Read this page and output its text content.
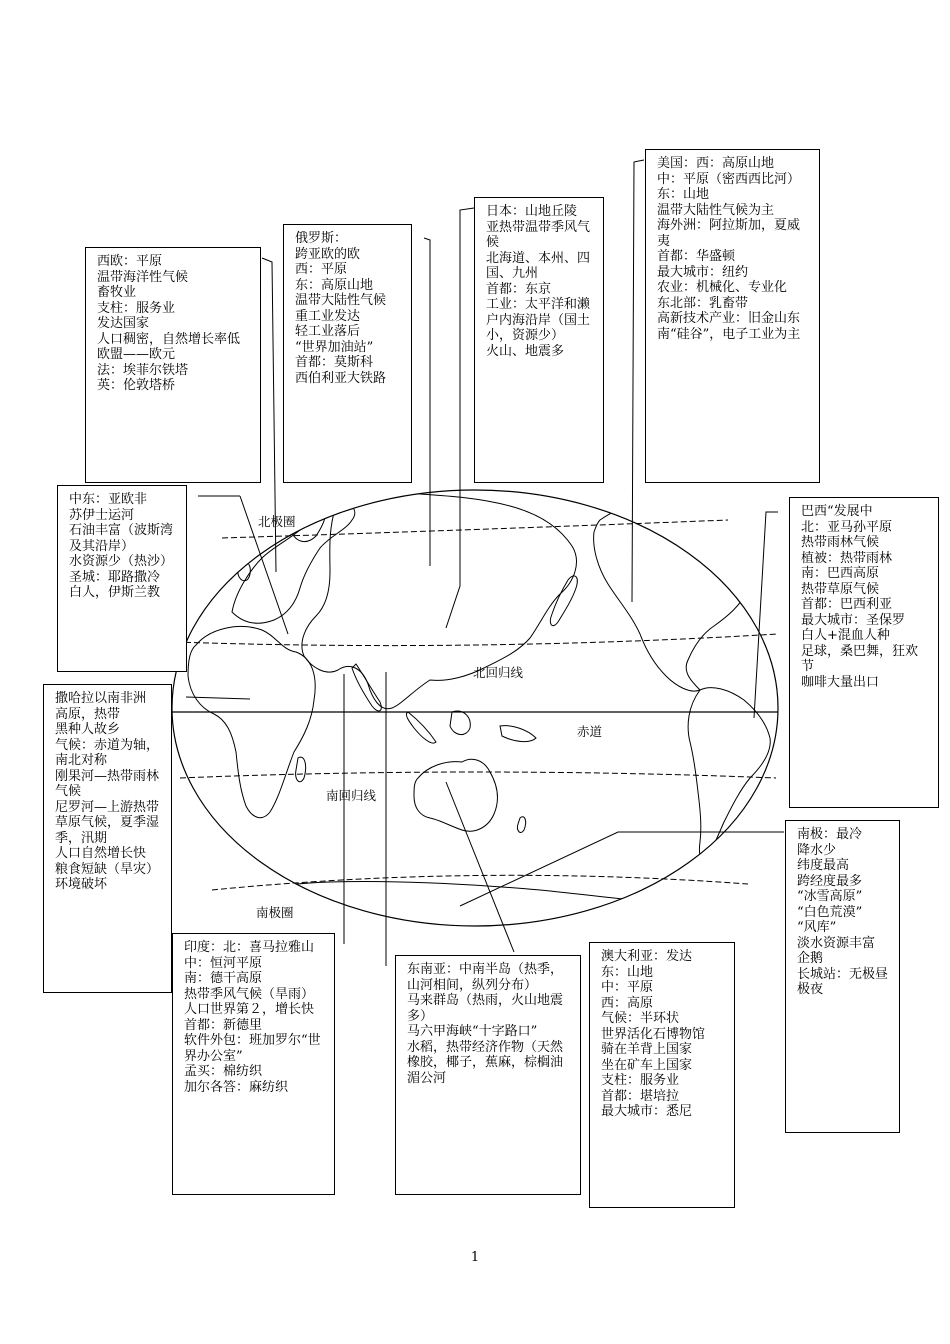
北极圈
北回归线
赤道
南回归线
南极圈
西欧：平原
温带海洋性气候
畜牧业
支柱：服务业
发达国家
人口稠密，自然增长率低
欧盟——欧元
法：埃菲尔铁塔
英：伦敦塔桥
俄罗斯：
跨亚欧的欧
西：平原
东：高原山地
温带大陆性气候
重工业发达
轻工业落后
“世界加油站”
首都：莫斯科
西伯利亚大铁路
日本：山地丘陵
亚热带温带季风气候
北海道、本州、四国、九州
首都：东京
工业：太平洋和濑户内海沿岸（国土小，资源少）
火山、地震多
美国：西：高原山地
中：平原（密西西比河）
东：山地
温带大陆性气候为主
海外洲：阿拉斯加，夏威夷
首都：华盛顿
最大城市：纽约
农业：机械化、专业化
东北部：乳畜带
高新技术产业：旧金山东南“硅谷”，电子工业为主
中东：亚欧非
苏伊士运河
石油丰富（波斯湾及其沿岸）
水资源少（热沙）
圣城：耶路撒冷
白人，伊斯兰教
巴西“发展中
北：亚马孙平原
热带雨林气候
植被：热带雨林
南：巴西高原
热带草原气候
首都：巴西利亚
最大城市：圣保罗
白人+混血人种
足球，桑巴舞，狂欢节
咖啡大量出口
撒哈拉以南非洲
高原，热带
黑种人故乡
气候：赤道为轴，南北对称
刚果河—热带雨林气候
尼罗河—上游热带草原气候，夏季湿季，汛期
人口自然增长快
粮食短缺（旱灾）
环境破坏
南极：最冷
降水少
纬度最高
跨经度最多
“冰雪高原”
“白色荒漠”
“风库”
淡水资源丰富
企鹅
长城站：无极昼极夜
印度：北：喜马拉雅山
中：恒河平原
南：德干高原
热带季风气候（旱雨）
人口世界第２，增长快
首都：新德里
软件外包：班加罗尔“世界办公室”
孟买：棉纺织
加尔各答：麻纺织
东南亚：中南半岛（热季，山河相间，纵列分布）
马来群岛（热雨，火山地震多）
马六甲海峡“十字路口”
水稻，热带经济作物（天然橡胶，椰子，蕉麻，棕榈油湄公河
澳大利亚：发达
东：山地
中：平原
西：高原
气候：半环状
世界活化石博物馆
骑在羊背上国家
坐在矿车上国家
支柱：服务业
首都：堪培拉
最大城市：悉尼
1
